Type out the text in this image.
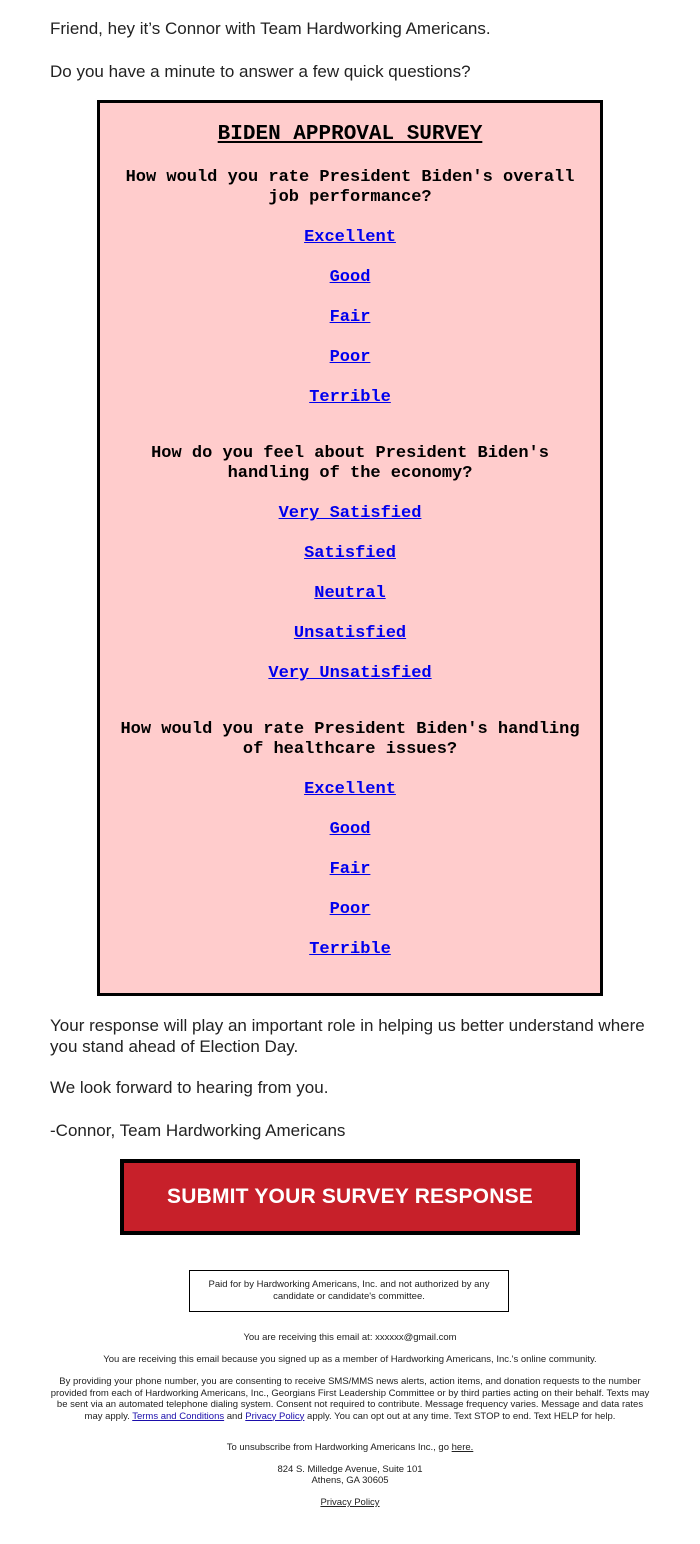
Friend, hey it’s Connor with Team Hardworking Americans.

Do you have a minute to answer a few quick questions?

BIDEN APPROVAL SURVEY
How would you rate President Biden's overall job performance?
Excellent
Good
Fair
Poor
Terrible
How do you feel about President Biden's handling of the economy?
Very Satisfied
Satisfied
Neutral
Unsatisfied
Very Unsatisfied
How would you rate President Biden's handling of healthcare issues?
Excellent
Good
Fair
Poor
Terrible

Your response will play an important role in helping us better understand where you stand ahead of Election Day.

We look forward to hearing from you.

-Connor, Team Hardworking Americans

SUBMIT YOUR SURVEY RESPONSE
Paid for by Hardworking Americans, Inc. and not authorized by any candidate or candidate's committee.

You are receiving this email at: xxxxxx@gmail.com

You are receiving this email because you signed up as a member of Hardworking Americans, Inc.'s online community.

By providing your phone number, you are consenting to receive SMS/MMS news alerts, action items, and donation requests to the number provided from each of Hardworking Americans, Inc., Georgians First Leadership Committee or by third parties acting on their behalf. Texts may be sent via an automated telephone dialing system. Consent not required to contribute. Message frequency varies. Message and data rates may apply. Terms and Conditions and Privacy Policy apply. You can opt out at any time. Text STOP to end. Text HELP for help.

To unsubscribe from Hardworking Americans Inc., go here.

824 S. Milledge Avenue, Suite 101

Athens, GA 30605

Privacy Policy
